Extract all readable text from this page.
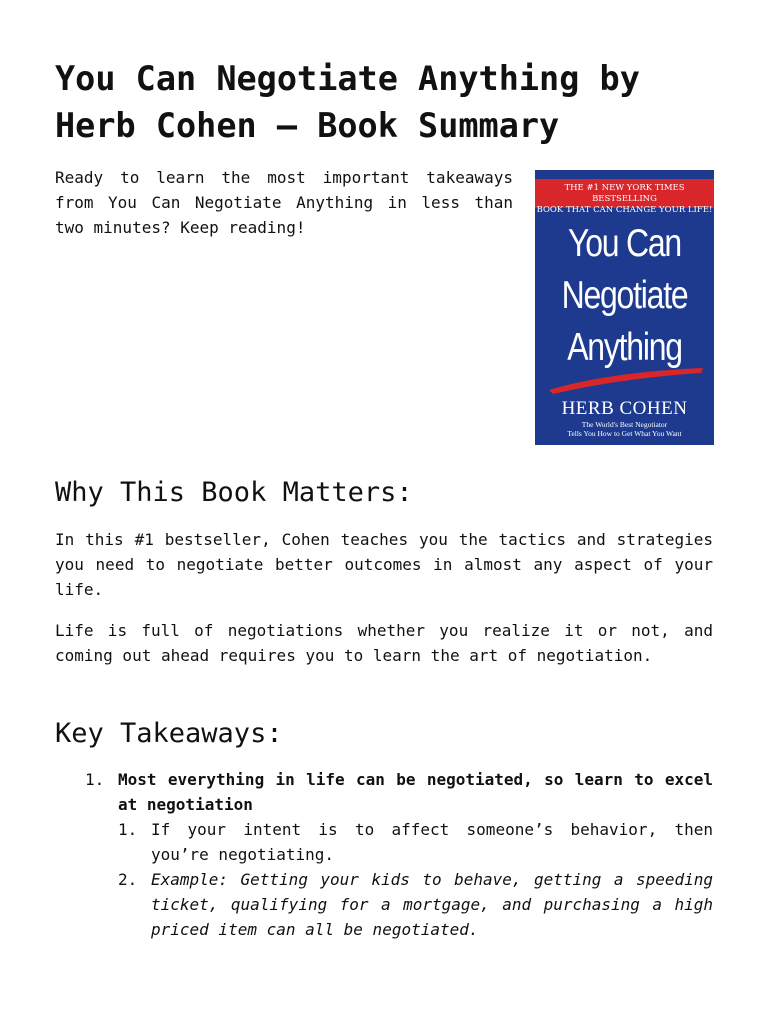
You Can Negotiate Anything by Herb Cohen – Book Summary

Ready to learn the most important takeaways from You Can Negotiate Anything in less than two minutes? Keep reading!

THE #1 NEW YORK TIMES BESTSELLING
BOOK THAT CAN CHANGE YOUR LIFE!
You Can
Negotiate
Anything
HERB COHEN
The World's Best Negotiator
Tells You How to Get What You Want
Why This Book Matters:

In this #1 bestseller, Cohen teaches you the tactics and strategies you need to negotiate better outcomes in almost any aspect of your life.

Life is full of negotiations whether you realize it or not, and coming out ahead requires you to learn the art of negotiation.

Key Takeaways:
1. Most everything in life can be negotiated, so learn to excel at negotiation
1. If your intent is to affect someone’s behavior, then you’re negotiating.
2. Example: Getting your kids to behave, getting a speeding ticket, qualifying for a mortgage, and purchasing a high priced item can all be negotiated.
